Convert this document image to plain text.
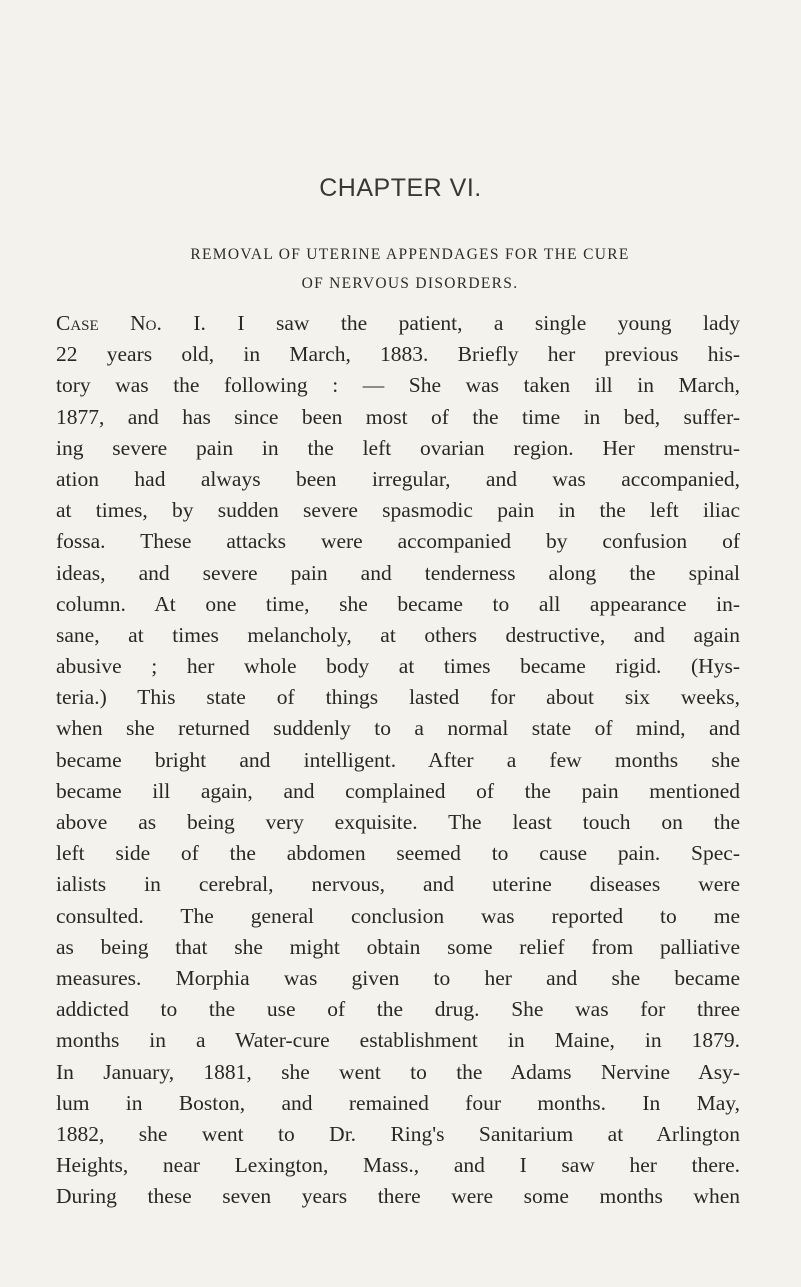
CHAPTER VI.
REMOVAL OF UTERINE APPENDAGES FOR THE CURE
OF NERVOUS DISORDERS.
Case No. I. I saw the patient, a single young lady
22 years old, in March, 1883. Briefly her previous his-
tory was the following : — She was taken ill in March,
1877, and has since been most of the time in bed, suffer-
ing severe pain in the left ovarian region. Her menstru-
ation had always been irregular, and was accompanied,
at times, by sudden severe spasmodic pain in the left iliac
fossa. These attacks were accompanied by confusion of
ideas, and severe pain and tenderness along the spinal
column. At one time, she became to all appearance in-
sane, at times melancholy, at others destructive, and again
abusive ; her whole body at times became rigid. (Hys-
teria.) This state of things lasted for about six weeks,
when she returned suddenly to a normal state of mind, and
became bright and intelligent. After a few months she
became ill again, and complained of the pain mentioned
above as being very exquisite. The least touch on the
left side of the abdomen seemed to cause pain. Spec-
ialists in cerebral, nervous, and uterine diseases were
consulted. The general conclusion was reported to me
as being that she might obtain some relief from palliative
measures. Morphia was given to her and she became
addicted to the use of the drug. She was for three
months in a Water-cure establishment in Maine, in 1879.
In January, 1881, she went to the Adams Nervine Asy-
lum in Boston, and remained four months. In May,
1882, she went to Dr. Ring's Sanitarium at Arlington
Heights, near Lexington, Mass., and I saw her there.
During these seven years there were some months when
